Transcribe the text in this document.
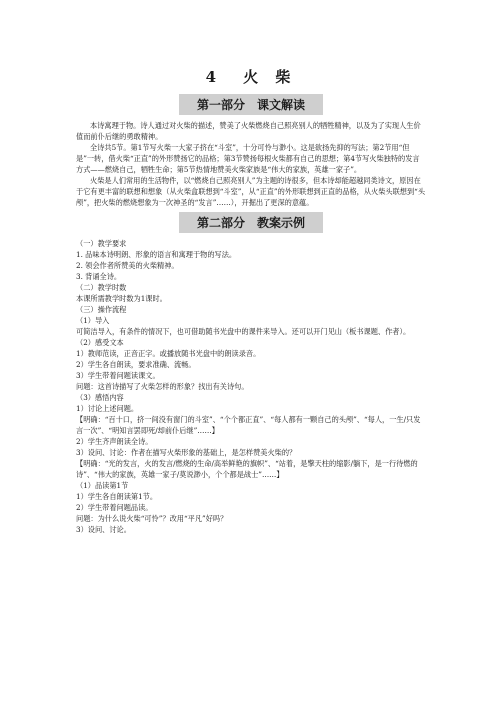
4　火 柴
第一部分　课文解读

本诗寓理于物。诗人通过对火柴的描述，赞美了火柴燃烧自己照亮别人的牺牲精神，以及为了实现人生价值而前仆后继的勇敢精神。

全诗共5节。第1节写火柴一大家子挤在“斗室”，十分可怜与渺小。这是欲扬先抑的写法；第2节用“但是”一转，借火柴“正直”的外形赞扬它的品格；第3节赞扬每根火柴都有自己的思想；第4节写火柴独特的发言方式——燃烧自己，牺牲生命；第5节热情地赞美火柴家族是“伟大的家族，英雄一家子”。

火柴是人们常用的生活物件，以“燃烧自己照亮别人”为主题的诗很多，但本诗却能超越同类诗文，原因在于它有更丰富的联想和想象（从火柴盒联想到“斗室”，从“正直”的外形联想到正直的品格，从火柴头联想到“头颅”，把火柴的燃烧想象为一次神圣的“发言”……），开掘出了更深的意蕴。

第二部分　教案示例
（一）教学要求
1. 品味本诗明朗、形象的语言和寓理于物的写法。
2. 领会作者所赞美的火柴精神。
3. 背诵全诗。
（二）教学时数
本课所需教学时数为1课时。
（三）操作流程
（1）导入
可简洁导入，有条件的情况下，也可借助随书光盘中的课件来导入。还可以开门见山（板书课题、作者）。
（2）感受文本
1）教师范读，正音正字。或播放随书光盘中的朗读录音。
2）学生各自朗读，要求准确、流畅。
3）学生带着问题读课文。
问题：这首诗描写了火柴怎样的形象？找出有关诗句。
（3）感悟内容
1）讨论上述问题。
【明确：“百十口，挤一间没有窗门的斗室”、“个个都正直”、“每人都有一颗自己的头颅”、“每人，一生/只发言一次”、“明知言罢即死/却前仆后继”……】
2）学生齐声朗读全诗。
3）设问、讨论：作者在描写火柴形象的基础上，是怎样赞美火柴的？
【明确：“光的发言，火的发言/燃烧的生命/高举鲜艳的旗帜”、“站着，是擎天柱的缩影/躺下，是一行待燃的诗”、“伟大的家族，英雄一家子/莫说渺小，个个都是战士”……】
（1）品读第1节
1）学生各自朗读第1节。
2）学生带着问题品读。
问题：为什么说火柴“可怜”？改用“平凡”好吗？
3）设问、讨论。
